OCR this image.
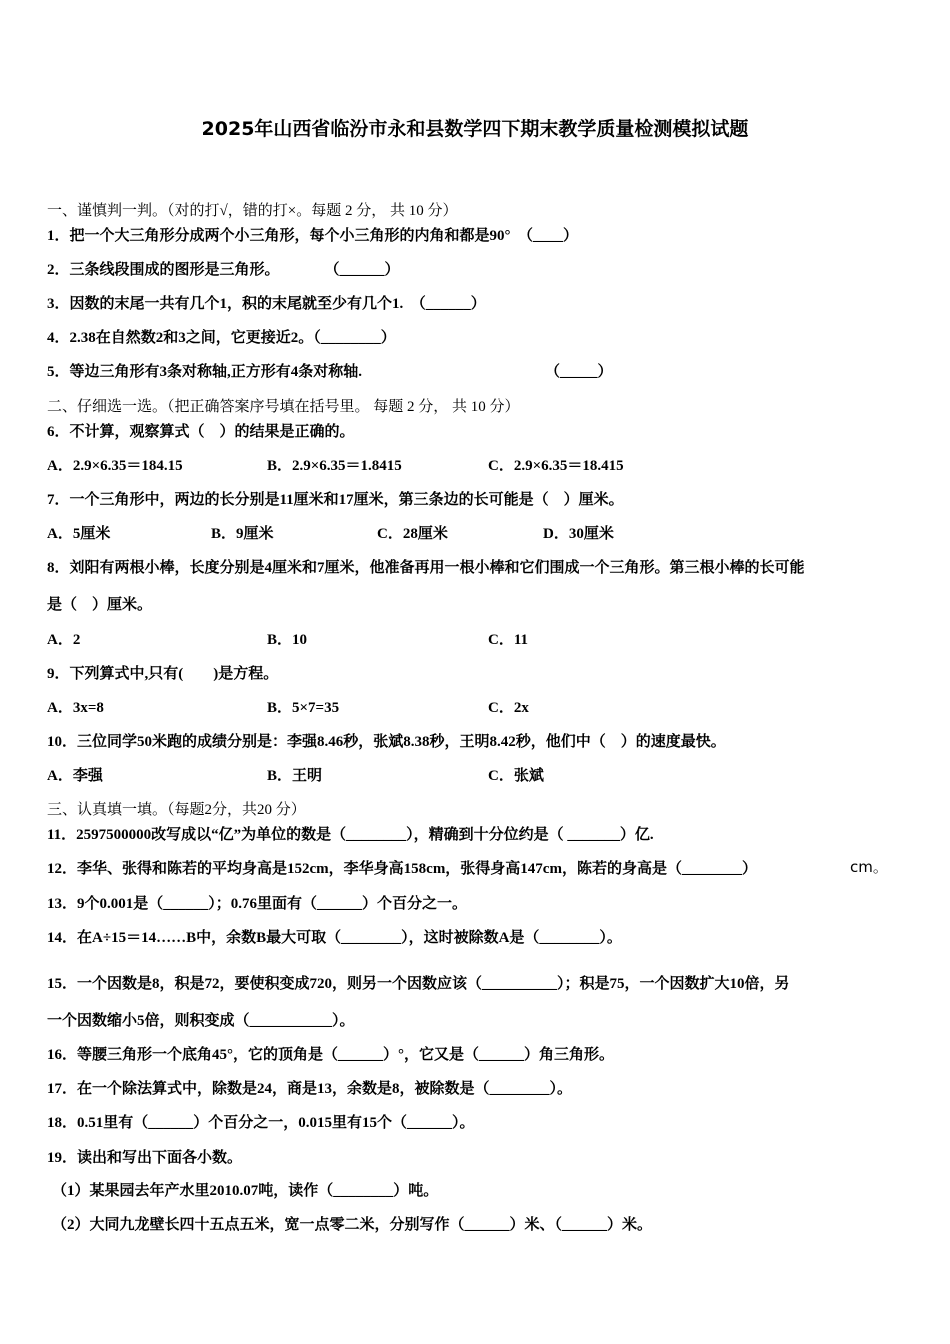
2025年山西省临汾市永和县数学四下期末教学质量检测模拟试题
一、谨慎判一判。（对的打√，错的打×。每题 2 分， 共 10 分）
1．把一个大三角形分成两个小三角形，每个小三角形的内角和都是90°　（____）
2．三条线段围成的图形是三角形。　　　　（______）
3．因数的末尾一共有几个1，积的末尾就至少有几个1.　（______）
4．2.38在自然数2和3之间，它更接近2。（________）
5．等边三角形有3条对称轴,正方形有4条对称轴.	（_____）
二、仔细选一选。（把正确答案序号填在括号里。 每题 2 分， 共 10 分）
6．不计算，观察算式（　）的结果是正确的。
A．2.9×6.35＝184.15	B．2.9×6.35＝1.8415	C．2.9×6.35＝18.415
7．一个三角形中，两边的长分别是11厘米和17厘米，第三条边的长可能是（　）厘米。
A．5厘米	B．9厘米	C．28厘米	D．30厘米
8．刘阳有两根小棒，长度分别是4厘米和7厘米，他准备再用一根小棒和它们围成一个三角形。第三根小棒的长可能
是（　）厘米。
A．2	B．10	C．11
9．下列算式中,只有(　　)是方程。
A．3x=8	B．5×7=35	C．2x
10．三位同学50米跑的成绩分别是：李强8.46秒，张斌8.38秒，王明8.42秒，他们中（　）的速度最快。
A．李强	B．王明	C．张斌
三、认真填一填。（每题2分，共20 分）
11．2597500000改写成以“亿”为单位的数是（________），精确到十分位约是（ _______）亿.
12．李华、张得和陈若的平均身高是152cm，李华身高158cm，张得身高147cm，陈若的身高是（________）	cm。
13．9个0.001是（______）；0.76里面有（______）个百分之一。
14．在A÷15＝14……B中，余数B最大可取（________），这时被除数A是（________）。
15．一个因数是8，积是72，要使积变成720，则另一个因数应该（__________）；积是75，一个因数扩大10倍，另
一个因数缩小5倍，则积变成（___________）。
16．等腰三角形一个底角45°，它的顶角是（______）°，它又是（______）角三角形。
17．在一个除法算式中，除数是24，商是13，余数是8，被除数是（________）。
18．0.51里有（______）个百分之一，0.015里有15个（______）。
19．读出和写出下面各小数。
（1）某果园去年产水里2010.07吨，读作（________）吨。
（2）大同九龙壁长四十五点五米，宽一点零二米，分别写作（______）米、（______）米。
